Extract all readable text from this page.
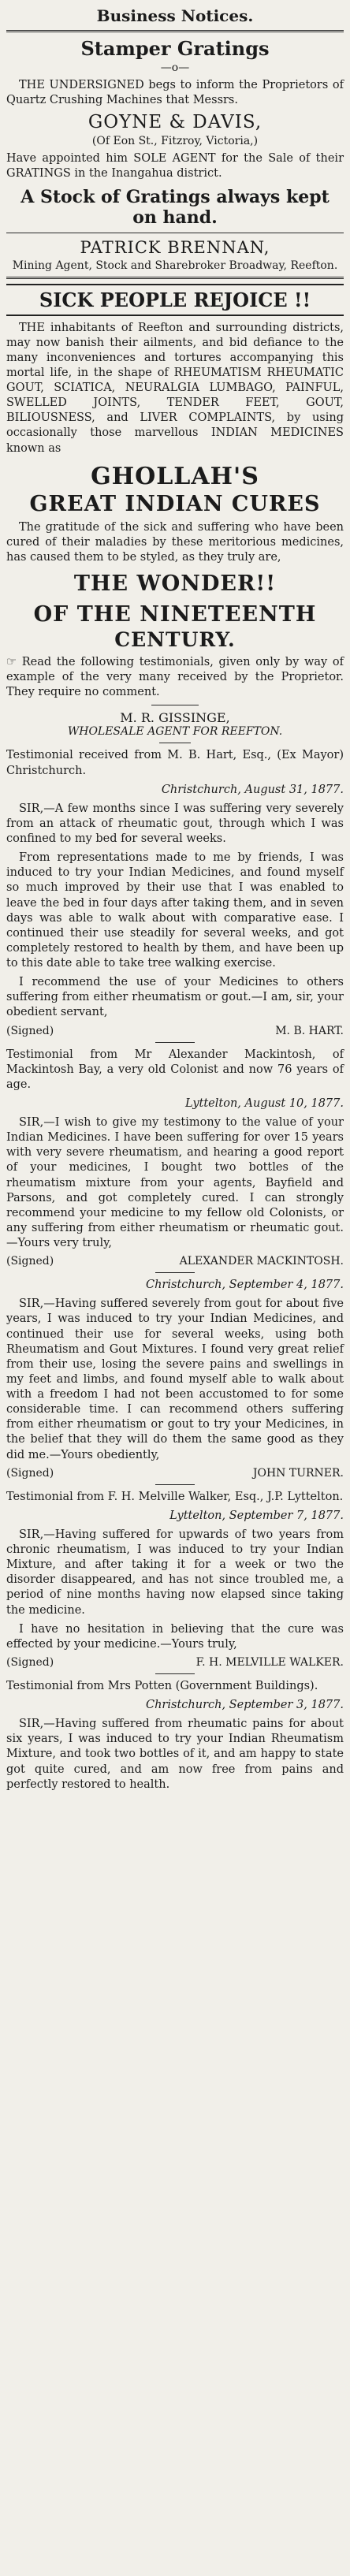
Business Notices.
Stamper Gratings
—o—
THE UNDERSIGNED begs to inform the Proprietors of Quartz Crushing Machines that Messrs.
GOYNE & DAVIS,
(Of Eon St., Fitzroy, Victoria,)
Have appointed him SOLE AGENT for the Sale of their GRATINGS in the Inangahua district.
A Stock of Gratings always kept on hand.
PATRICK BRENNAN,
Mining Agent, Stock and Sharebroker Broadway, Reefton.
SICK PEOPLE REJOICE !!
THE inhabitants of Reefton and surrounding districts, may now banish their ailments, and bid defiance to the many inconveniences and tortures accompanying this mortal life, in the shape of RHEUMATISM RHEUMATIC GOUT, SCIATICA, NEURALGIA LUMBAGO, PAINFUL, SWELLED JOINTS, TENDER FEET, GOUT, BILIOUSNESS, and LIVER COMPLAINTS, by using occasionally those marvellous INDIAN MEDICINES known as
GHOLLAH'S
GREAT INDIAN CURES
The gratitude of the sick and suffering who have been cured of their maladies by these meritorious medicines, has caused them to be styled, as they truly are,
THE WONDER!!
OF THE NINETEENTH
CENTURY.
☞ Read the following testimonials, given only by way of example of the very many received by the Proprietor. They require no comment.
M. R. GISSINGE,
WHOLESALE AGENT FOR REEFTON.
Testimonial received from M. B. Hart, Esq., (Ex Mayor) Christchurch.
Christchurch, August 31, 1877.
SIR,—A few months since I was suffering very severely from an attack of rheumatic gout, through which I was confined to my bed for several weeks.
From representations made to me by friends, I was induced to try your Indian Medicines, and found myself so much improved by their use that I was enabled to leave the bed in four days after taking them, and in seven days was able to walk about with comparative ease. I continued their use steadily for several weeks, and got completely restored to health by them, and have been up to this date able to take tree walking exercise.
I recommend the use of your Medicines to others suffering from either rheumatism or gout.—I am, sir, your obedient servant,
(Signed)	M. B. HART.
Testimonial from Mr Alexander Mackintosh, of Mackintosh Bay, a very old Colonist and now 76 years of age.
Lyttelton, August 10, 1877.
SIR,—I wish to give my testimony to the value of your Indian Medicines. I have been suffering for over 15 years with very severe rheumatism, and hearing a good report of your medicines, I bought two bottles of the rheumatism mixture from your agents, Bayfield and Parsons, and got completely cured. I can strongly recommend your medicine to my fellow old Colonists, or any suffering from either rheumatism or rheumatic gout.—Yours very truly,
(Signed)	ALEXANDER MACKINTOSH.
Christchurch, September 4, 1877.
SIR,—Having suffered severely from gout for about five years, I was induced to try your Indian Medicines, and continued their use for several weeks, using both Rheumatism and Gout Mixtures. I found very great relief from their use, losing the severe pains and swellings in my feet and limbs, and found myself able to walk about with a freedom I had not been accustomed to for some considerable time. I can recommend others suffering from either rheumatism or gout to try your Medicines, in the belief that they will do them the same good as they did me.—Yours obediently,
(Signed)	JOHN TURNER.
Testimonial from F. H. Melville Walker, Esq., J.P. Lyttelton.
Lyttelton, September 7, 1877.
SIR,—Having suffered for upwards of two years from chronic rheumatism, I was induced to try your Indian Mixture, and after taking it for a week or two the disorder disappeared, and has not since troubled me, a period of nine months having now elapsed since taking the medicine.
I have no hesitation in believing that the cure was effected by your medicine.—Yours truly,
(Signed)	F. H. MELVILLE WALKER.
Testimonial from Mrs Potten (Government Buildings).
Christchurch, September 3, 1877.
SIR,—Having suffered from rheumatic pains for about six years, I was induced to try your Indian Rheumatism Mixture, and took two bottles of it, and am happy to state got quite cured, and am now free from pains and perfectly restored to health.
